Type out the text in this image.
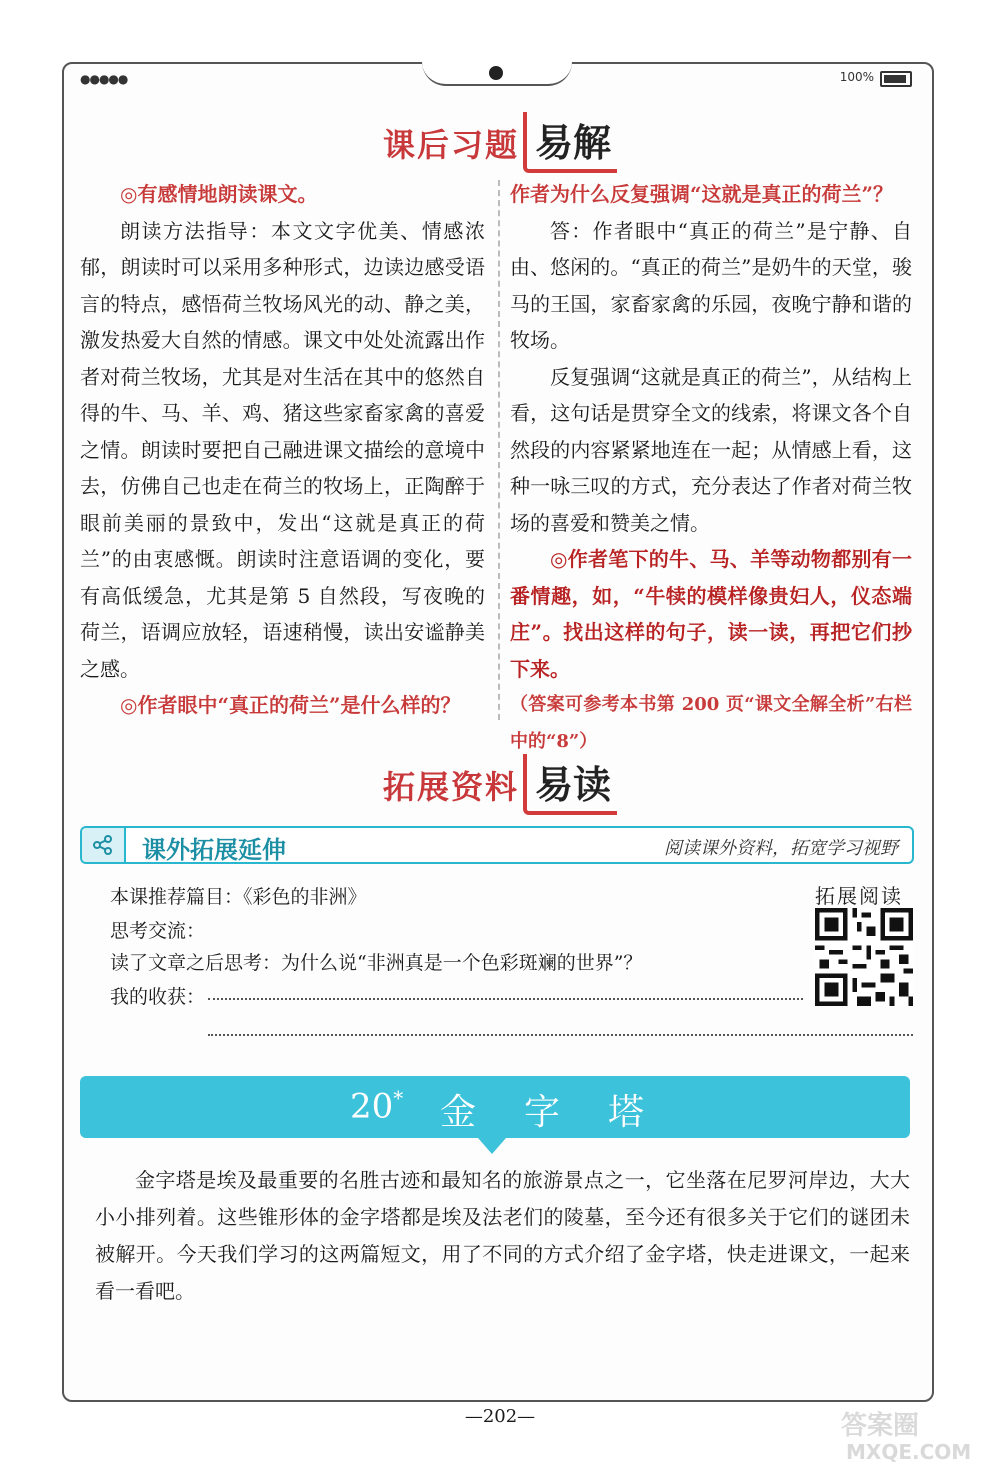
●●●●●	100%
课后习题 易解

◎有感情地朗读课文。

朗读方法指导：本文文字优美、情感浓郁，朗读时可以采用多种形式，边读边感受语言的特点，感悟荷兰牧场风光的动、静之美，激发热爱大自然的情感。课文中处处流露出作者对荷兰牧场，尤其是对生活在其中的悠然自得的牛、马、羊、鸡、猪这些家畜家禽的喜爱之情。朗读时要把自己融进课文描绘的意境中去，仿佛自己也走在荷兰的牧场上，正陶醉于眼前美丽的景致中，发出“这就是真正的荷兰”的由衷感慨。朗读时注意语调的变化，要有高低缓急，尤其是第 5 自然段，写夜晚的荷兰，语调应放轻，语速稍慢，读出安谧静美之感。

◎作者眼中“真正的荷兰”是什么样的？

作者为什么反复强调“这就是真正的荷兰”？

答：作者眼中“真正的荷兰”是宁静、自由、悠闲的。“真正的荷兰”是奶牛的天堂，骏马的王国，家畜家禽的乐园，夜晚宁静和谐的牧场。

反复强调“这就是真正的荷兰”，从结构上看，这句话是贯穿全文的线索，将课文各个自然段的内容紧紧地连在一起；从情感上看，这种一咏三叹的方式，充分表达了作者对荷兰牧场的喜爱和赞美之情。

◎作者笔下的牛、马、羊等动物都别有一番情趣，如，“牛犊的模样像贵妇人，仪态端庄”。找出这样的句子，读一读，再把它们抄下来。

（答案可参考本书第 200 页“课文全解全析”右栏中的“8”）

拓展资料 易读
课外拓展延伸	阅读课外资料，拓宽学习视野
本课推荐篇目：《彩色的非洲》
思考交流：
读了文章之后思考：为什么说“非洲真是一个色彩斑斓的世界”？
我的收获：
拓展阅读
20* 金字塔

金字塔是埃及最重要的名胜古迹和最知名的旅游景点之一，它坐落在尼罗河岸边，大大小小排列着。这些锥形体的金字塔都是埃及法老们的陵墓，至今还有很多关于它们的谜团未被解开。今天我们学习的这两篇短文，用了不同的方式介绍了金字塔，快走进课文，一起来看一看吧。

—202—	答案圈
MXQE.COM
